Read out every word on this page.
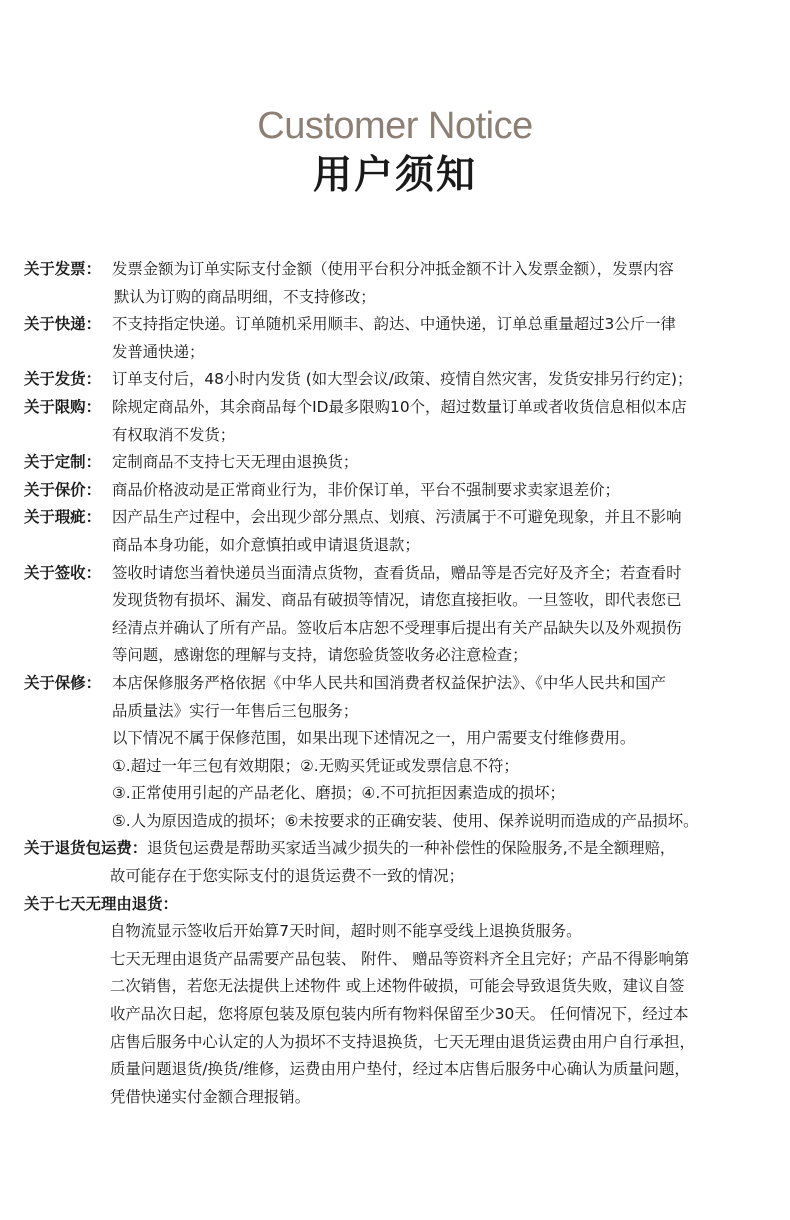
Customer Notice
用户须知
关于发票： 发票金额为订单实际支付金额（使用平台积分冲抵金额不计入发票金额），发票内容
默认为订购的商品明细，不支持修改；
关于快递： 不支持指定快递。订单随机采用顺丰、韵达、中通快递，订单总重量超过3公斤一律
发普通快递；
关于发货： 订单支付后，48小时内发货 (如大型会议/政策、疫情自然灾害，发货安排另行约定)；
关于限购： 除规定商品外，其余商品每个ID最多限购10个，超过数量订单或者收货信息相似本店
有权取消不发货；
关于定制： 定制商品不支持七天无理由退换货；
关于保价： 商品价格波动是正常商业行为，非价保订单，平台不强制要求卖家退差价；
关于瑕疵： 因产品生产过程中，会出现少部分黑点、划痕、污渍属于不可避免现象，并且不影响
商品本身功能，如介意慎拍或申请退货退款；
关于签收： 签收时请您当着快递员当面清点货物，查看货品，赠品等是否完好及齐全；若查看时
发现货物有损坏、漏发、商品有破损等情况，请您直接拒收。一旦签收，即代表您已
经清点并确认了所有产品。签收后本店恕不受理事后提出有关产品缺失以及外观损伤
等问题，感谢您的理解与支持，请您验货签收务必注意检查；
关于保修： 本店保修服务严格依据《中华人民共和国消费者权益保护法》、《中华人民共和国产
品质量法》实行一年售后三包服务；
以下情况不属于保修范围，如果出现下述情况之一，用户需要支付维修费用。
①.超过一年三包有效期限；②.无购买凭证或发票信息不符；
③.正常使用引起的产品老化、磨损；④.不可抗拒因素造成的损坏；
⑤.人为原因造成的损坏；⑥未按要求的正确安装、使用、保养说明而造成的产品损坏。
关于退货包运费： 退货包运费是帮助买家适当减少损失的一种补偿性的保险服务,不是全额理赔，
故可能存在于您实际支付的退货运费不一致的情况；
关于七天无理由退货：
自物流显示签收后开始算7天时间，超时则不能享受线上退换货服务。
七天无理由退货产品需要产品包装、 附件、 赠品等资料齐全且完好；产品不得影响第
二次销售，若您无法提供上述物件 或上述物件破损，可能会导致退货失败，建议自签
收产品次日起，您将原包装及原包装内所有物料保留至少30天。 任何情况下，经过本
店售后服务中心认定的人为损坏不支持退换货，七天无理由退货运费由用户自行承担，
质量问题退货/换货/维修，运费由用户垫付，经过本店售后服务中心确认为质量问题，
凭借快递实付金额合理报销。
